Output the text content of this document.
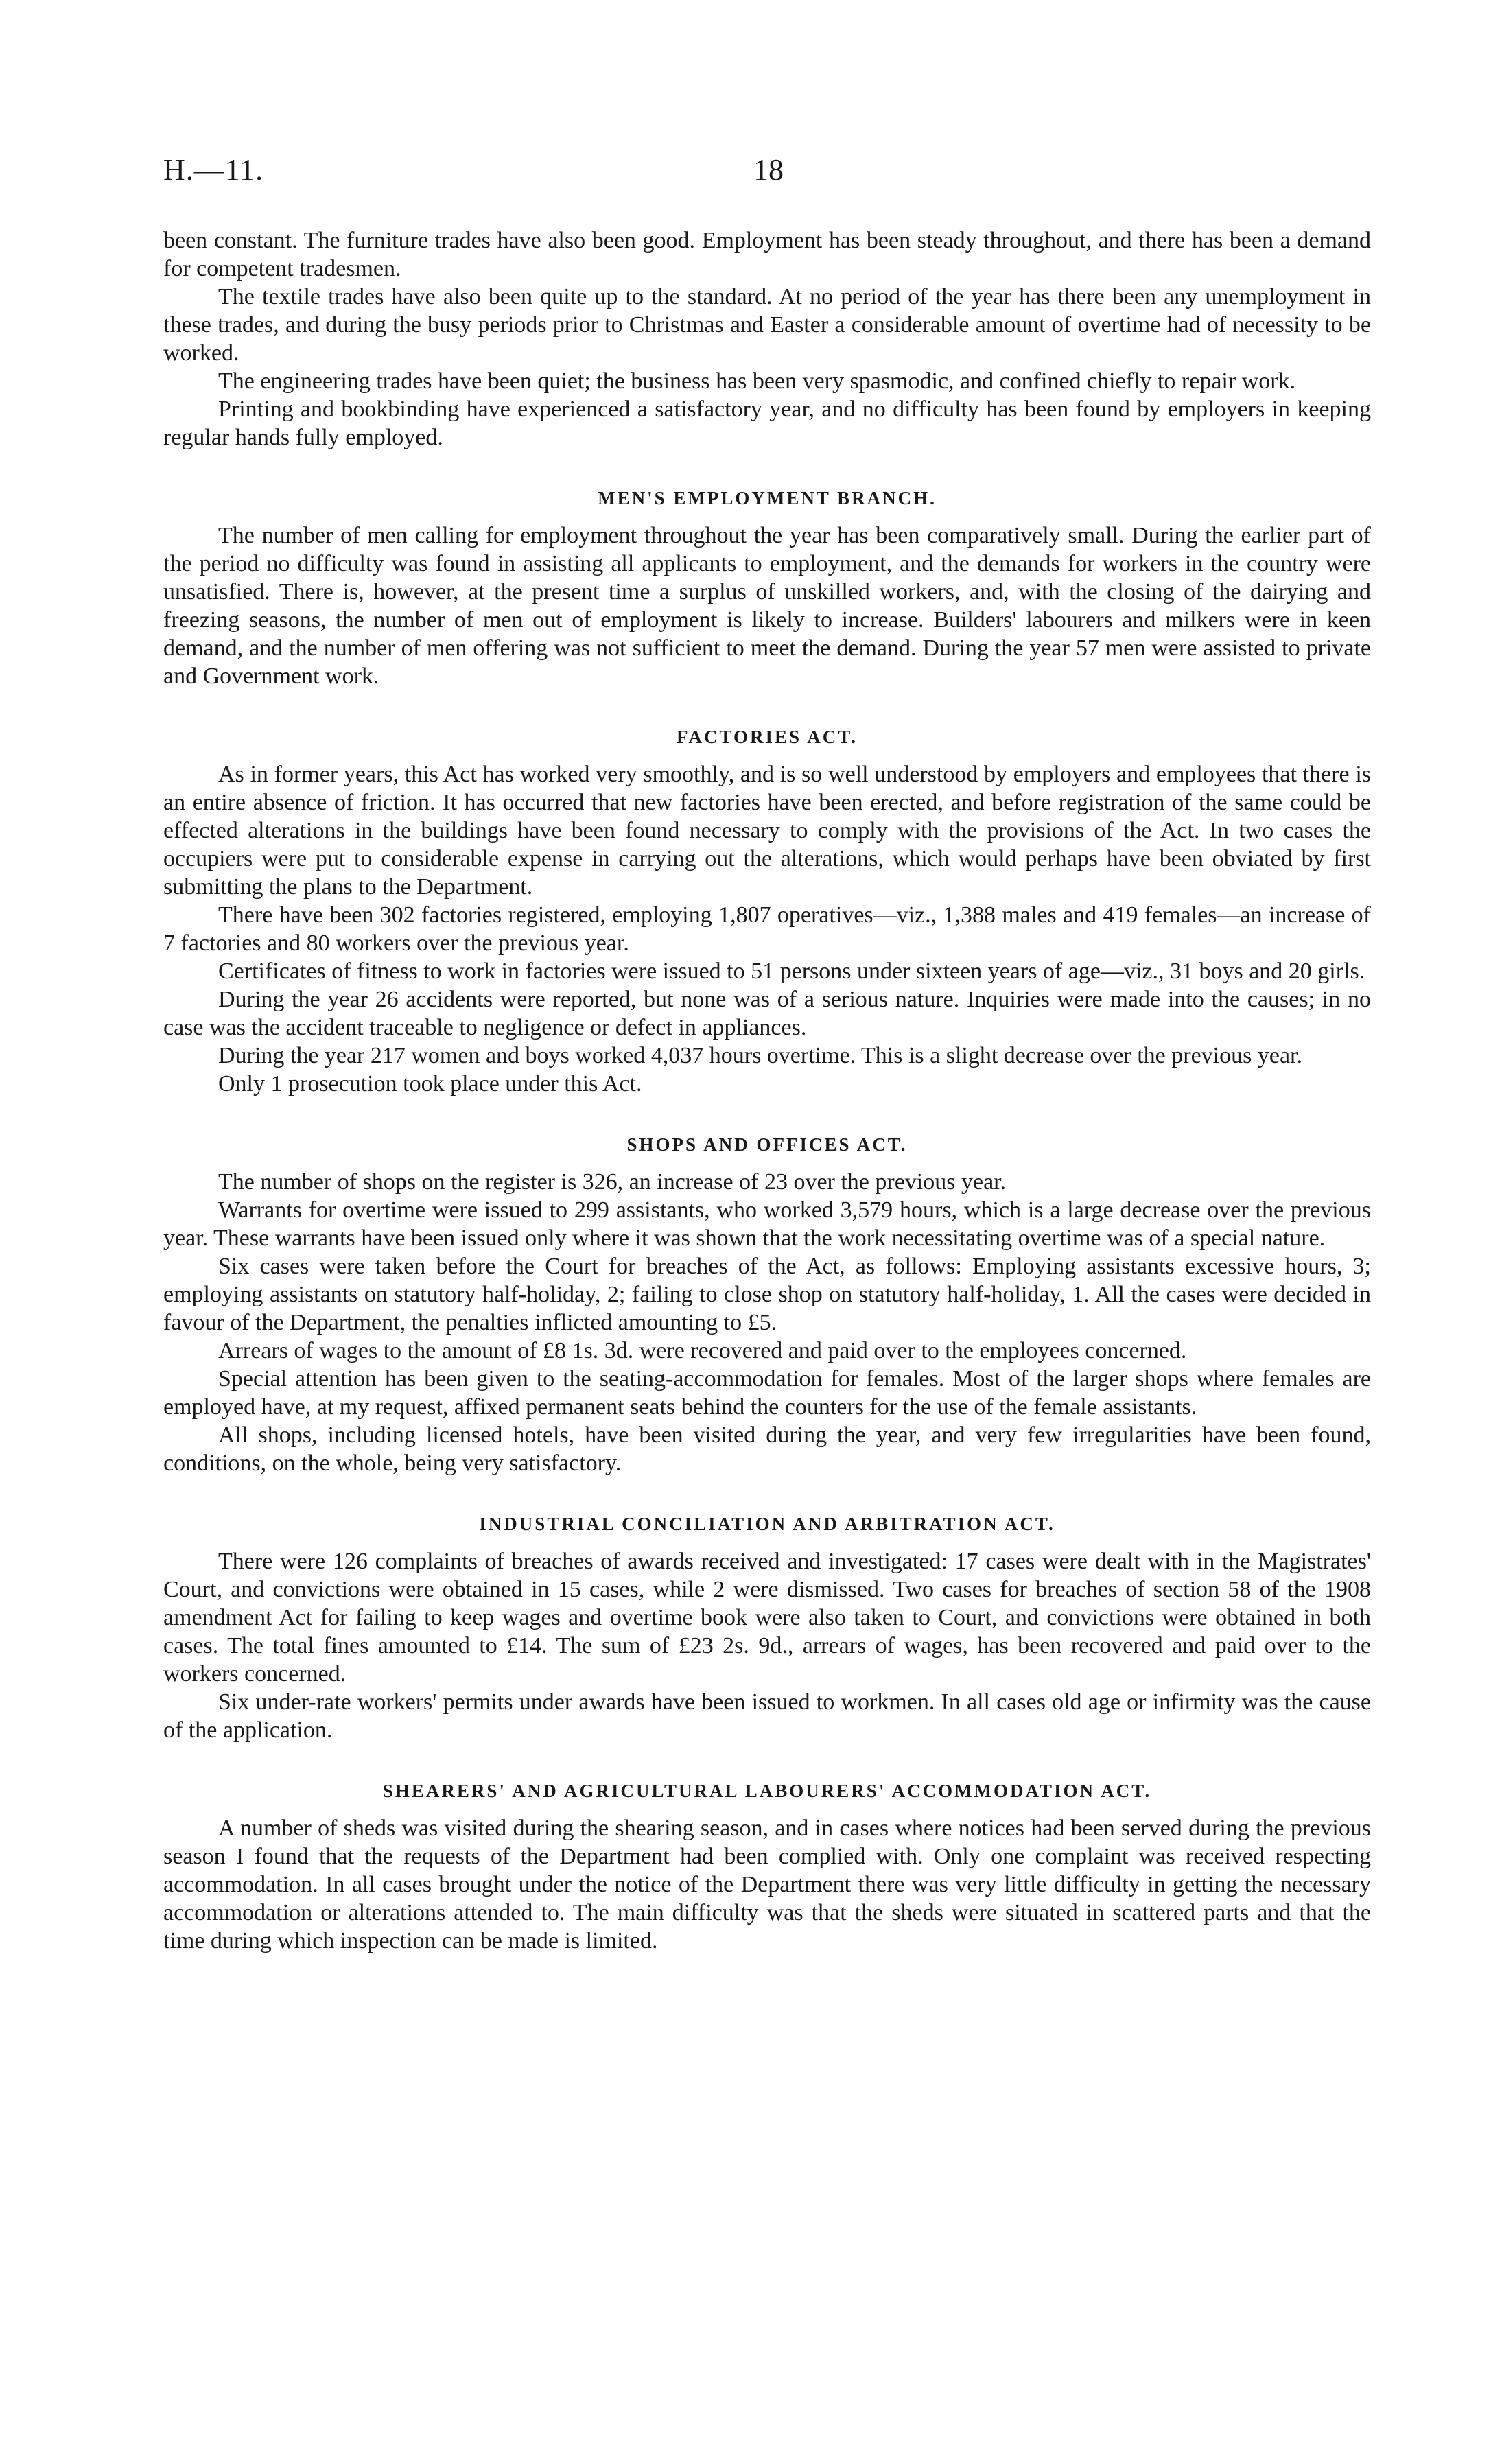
H.—11.	18

been constant. The furniture trades have also been good. Employment has been steady throughout, and there has been a demand for competent tradesmen.

The textile trades have also been quite up to the standard. At no period of the year has there been any unemployment in these trades, and during the busy periods prior to Christmas and Easter a considerable amount of overtime had of necessity to be worked.

The engineering trades have been quiet; the business has been very spasmodic, and confined chiefly to repair work.

Printing and bookbinding have experienced a satisfactory year, and no difficulty has been found by employers in keeping regular hands fully employed.

MEN'S EMPLOYMENT BRANCH.

The number of men calling for employment throughout the year has been comparatively small. During the earlier part of the period no difficulty was found in assisting all applicants to employment, and the demands for workers in the country were unsatisfied. There is, however, at the present time a surplus of unskilled workers, and, with the closing of the dairying and freezing seasons, the number of men out of employment is likely to increase. Builders' labourers and milkers were in keen demand, and the number of men offering was not sufficient to meet the demand. During the year 57 men were assisted to private and Government work.

FACTORIES ACT.

As in former years, this Act has worked very smoothly, and is so well understood by employers and employees that there is an entire absence of friction. It has occurred that new factories have been erected, and before registration of the same could be effected alterations in the buildings have been found necessary to comply with the provisions of the Act. In two cases the occupiers were put to considerable expense in carrying out the alterations, which would perhaps have been obviated by first submitting the plans to the Department.

There have been 302 factories registered, employing 1,807 operatives—viz., 1,388 males and 419 females—an increase of 7 factories and 80 workers over the previous year.

Certificates of fitness to work in factories were issued to 51 persons under sixteen years of age—viz., 31 boys and 20 girls.

During the year 26 accidents were reported, but none was of a serious nature. Inquiries were made into the causes; in no case was the accident traceable to negligence or defect in appliances.

During the year 217 women and boys worked 4,037 hours overtime. This is a slight decrease over the previous year.

Only 1 prosecution took place under this Act.

SHOPS AND OFFICES ACT.

The number of shops on the register is 326, an increase of 23 over the previous year.

Warrants for overtime were issued to 299 assistants, who worked 3,579 hours, which is a large decrease over the previous year. These warrants have been issued only where it was shown that the work necessitating overtime was of a special nature.

Six cases were taken before the Court for breaches of the Act, as follows: Employing assistants excessive hours, 3; employing assistants on statutory half-holiday, 2; failing to close shop on statutory half-holiday, 1. All the cases were decided in favour of the Department, the penalties inflicted amounting to £5.

Arrears of wages to the amount of £8 1s. 3d. were recovered and paid over to the employees concerned.

Special attention has been given to the seating-accommodation for females. Most of the larger shops where females are employed have, at my request, affixed permanent seats behind the counters for the use of the female assistants.

All shops, including licensed hotels, have been visited during the year, and very few irregularities have been found, conditions, on the whole, being very satisfactory.

INDUSTRIAL CONCILIATION AND ARBITRATION ACT.

There were 126 complaints of breaches of awards received and investigated: 17 cases were dealt with in the Magistrates' Court, and convictions were obtained in 15 cases, while 2 were dismissed. Two cases for breaches of section 58 of the 1908 amendment Act for failing to keep wages and overtime book were also taken to Court, and convictions were obtained in both cases. The total fines amounted to £14. The sum of £23 2s. 9d., arrears of wages, has been recovered and paid over to the workers concerned.

Six under-rate workers' permits under awards have been issued to workmen. In all cases old age or infirmity was the cause of the application.

SHEARERS' AND AGRICULTURAL LABOURERS' ACCOMMODATION ACT.

A number of sheds was visited during the shearing season, and in cases where notices had been served during the previous season I found that the requests of the Department had been complied with. Only one complaint was received respecting accommodation. In all cases brought under the notice of the Department there was very little difficulty in getting the necessary accommodation or alterations attended to. The main difficulty was that the sheds were situated in scattered parts and that the time during which inspection can be made is limited.
